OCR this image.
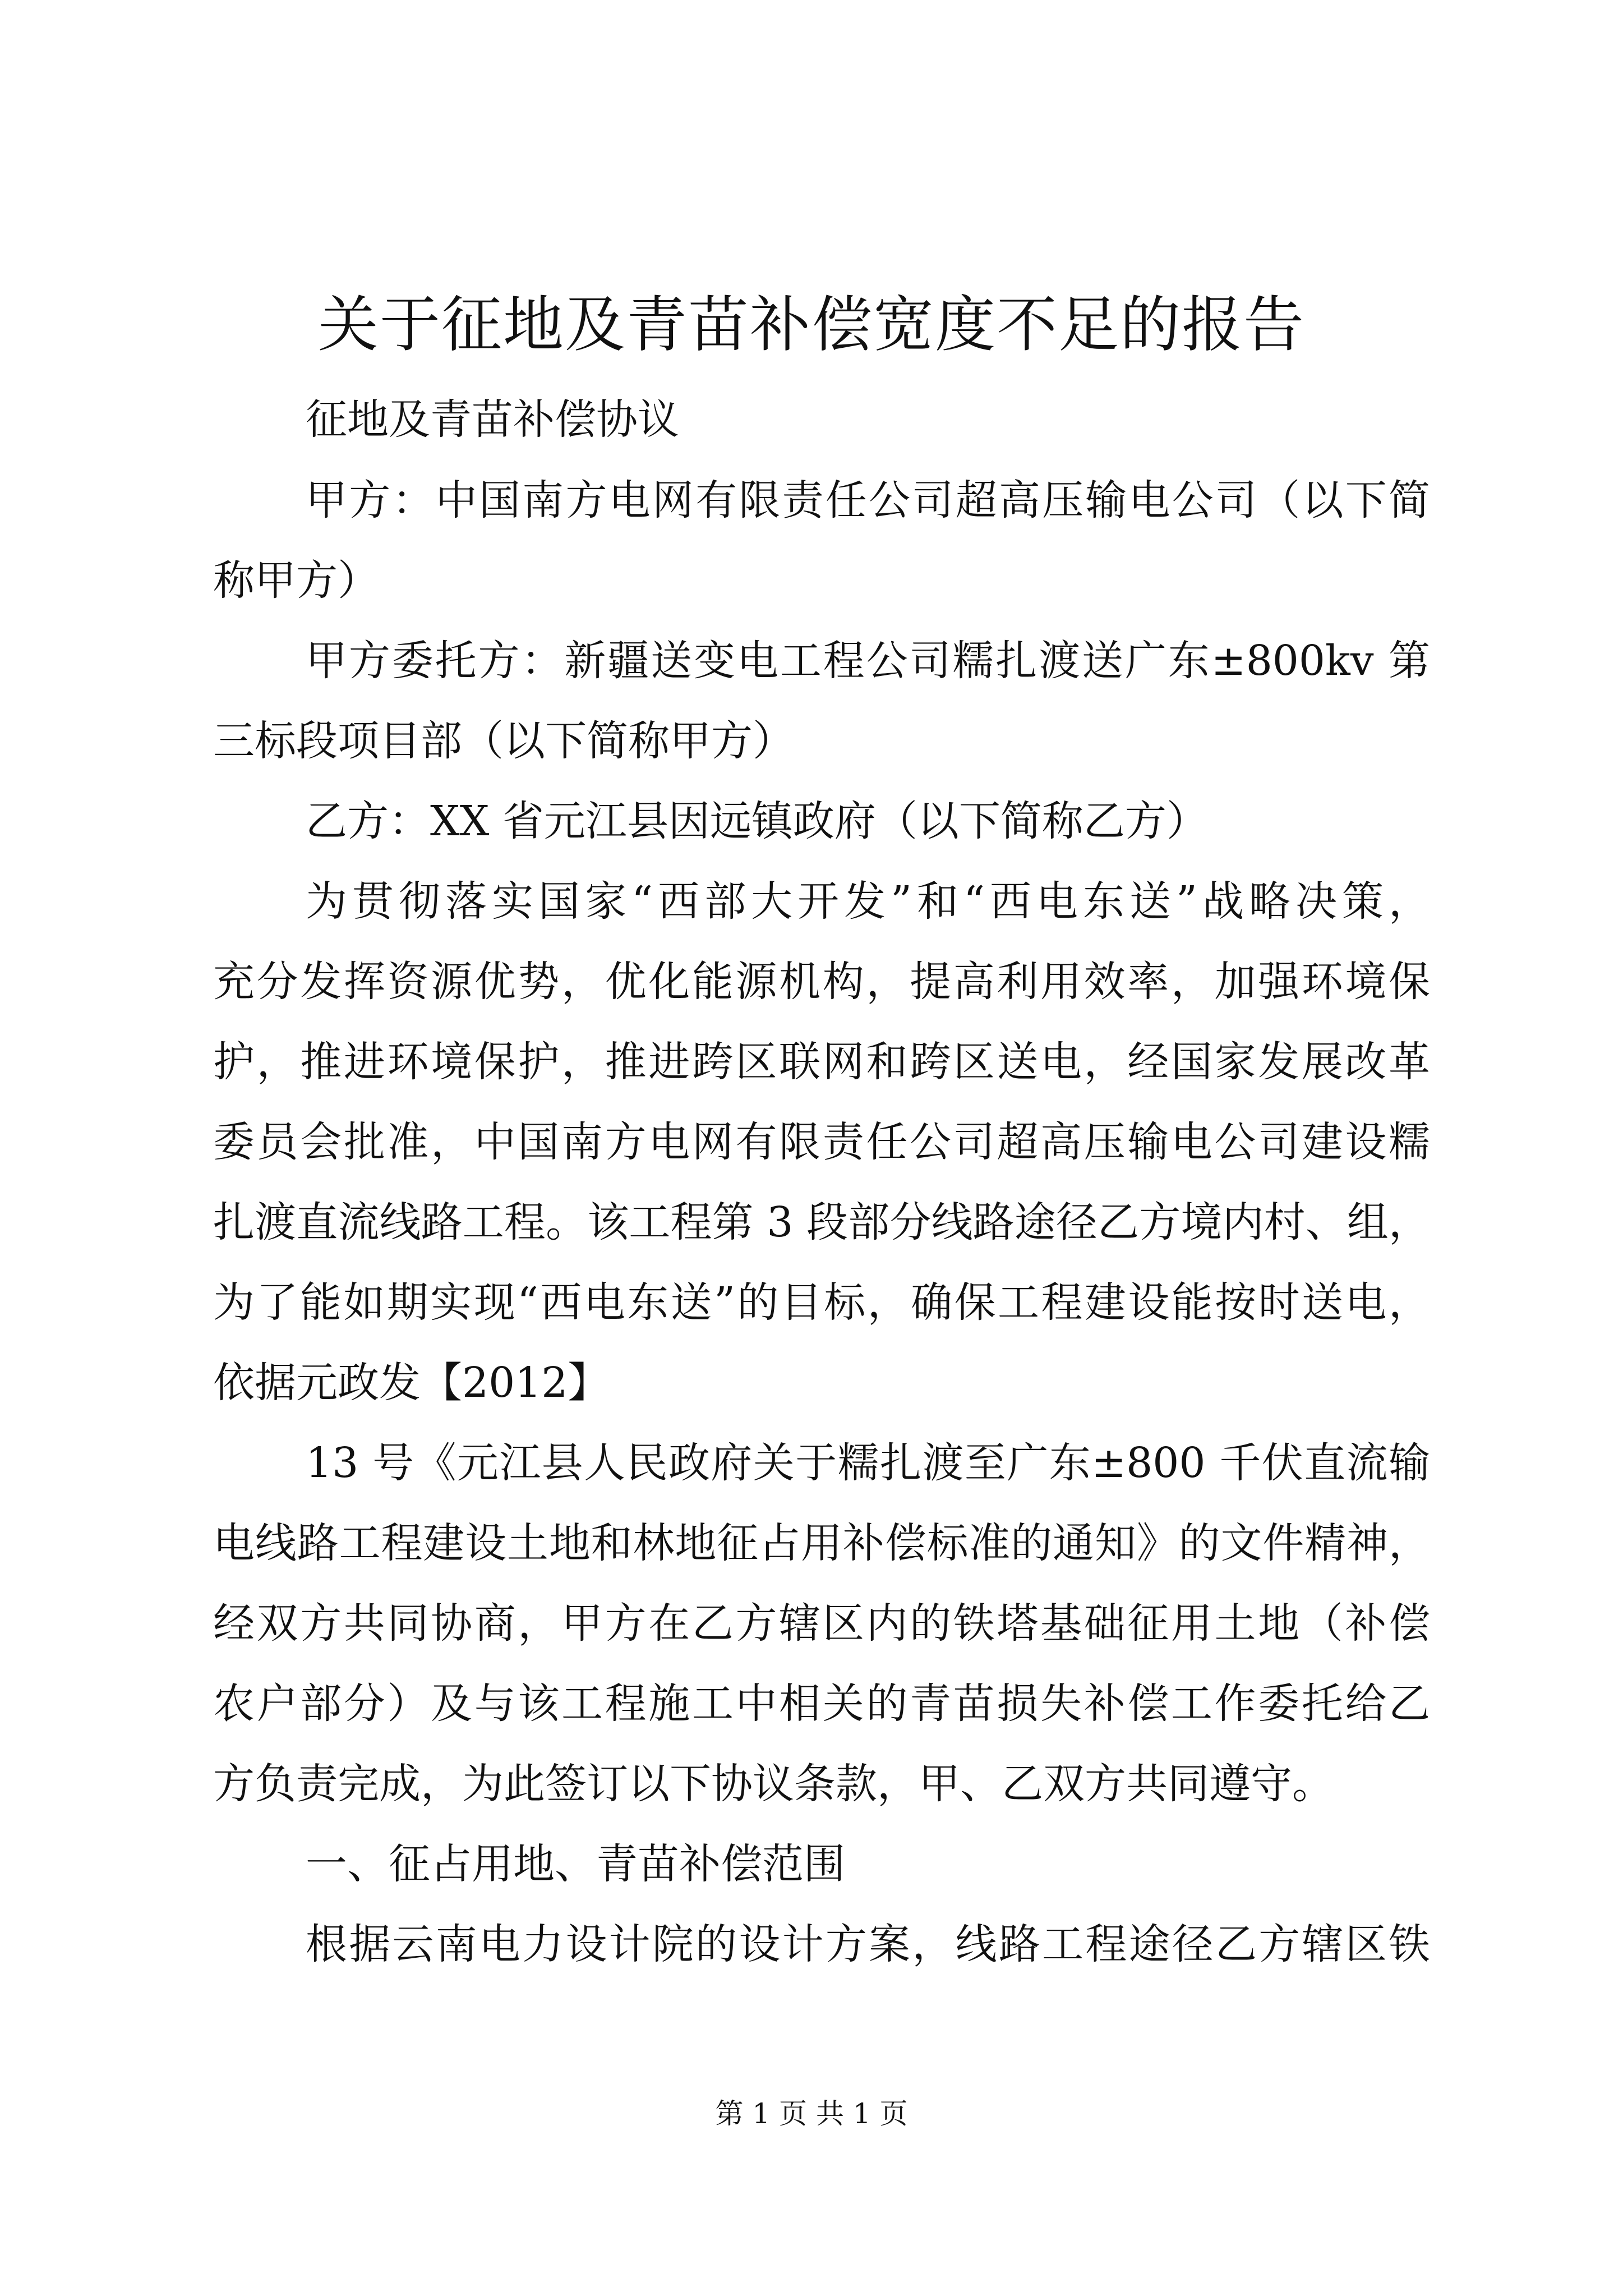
关于征地及青苗补偿宽度不足的报告
征地及青苗补偿协议
甲方：中国南方电网有限责任公司超高压输电公司（以下简
称甲方）
甲方委托方：新疆送变电工程公司糯扎渡送广东±800kv 第
三标段项目部（以下简称甲方）
乙方：XX 省元江县因远镇政府（以下简称乙方）
为贯彻落实国家“西部大开发”和“西电东送”战略决策，
充分发挥资源优势，优化能源机构，提高利用效率，加强环境保
护，推进环境保护，推进跨区联网和跨区送电，经国家发展改革
委员会批准，中国南方电网有限责任公司超高压输电公司建设糯
扎渡直流线路工程。该工程第 3 段部分线路途径乙方境内村、组，
为了能如期实现“西电东送”的目标，确保工程建设能按时送电，
依据元政发【2012】
13 号《元江县人民政府关于糯扎渡至广东±800 千伏直流输
电线路工程建设土地和林地征占用补偿标准的通知》的文件精神，
经双方共同协商，甲方在乙方辖区内的铁塔基础征用土地（补偿
农户部分）及与该工程施工中相关的青苗损失补偿工作委托给乙
方负责完成，为此签订以下协议条款，甲、乙双方共同遵守。
一、征占用地、青苗补偿范围
根据云南电力设计院的设计方案，线路工程途径乙方辖区铁
第 1 页 共 1 页
